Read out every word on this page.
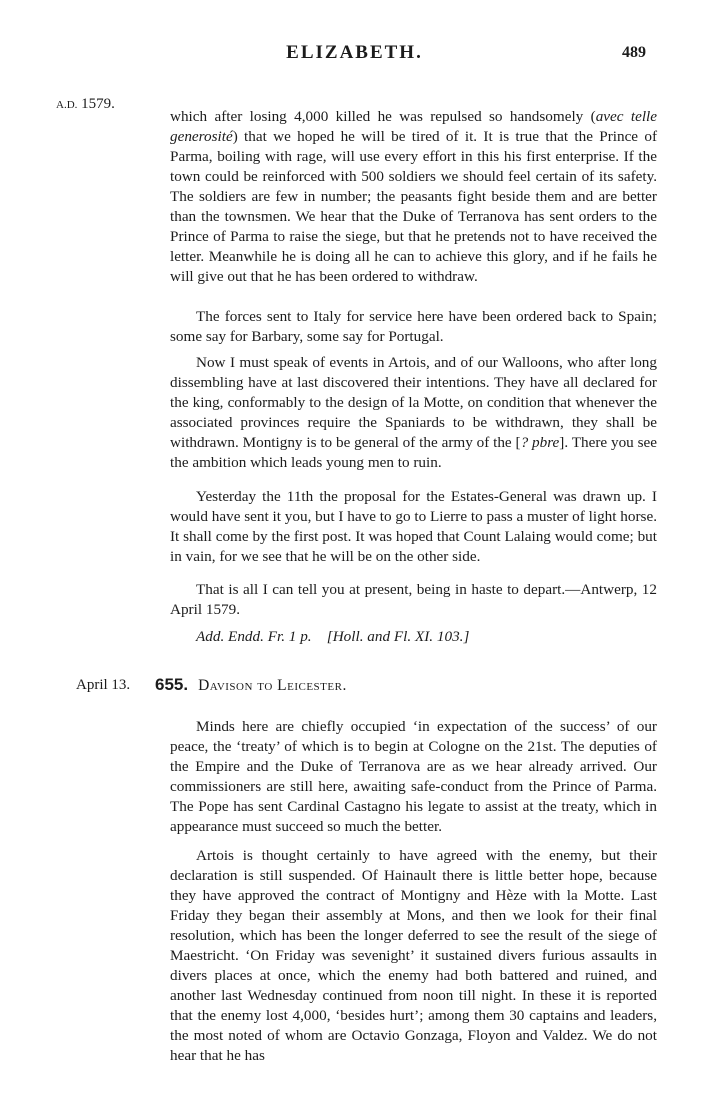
ELIZABETH.	489
A.D. 1579.

which after losing 4,000 killed he was repulsed so handsomely (avec telle generosité) that we hoped he will be tired of it. It is true that the Prince of Parma, boiling with rage, will use every effort in this his first enterprise. If the town could be reinforced with 500 soldiers we should feel certain of its safety. The soldiers are few in number; the peasants fight beside them and are better than the townsmen. We hear that the Duke of Terranova has sent orders to the Prince of Parma to raise the siege, but that he pretends not to have received the letter. Meanwhile he is doing all he can to achieve this glory, and if he fails he will give out that he has been ordered to withdraw.

The forces sent to Italy for service here have been ordered back to Spain; some say for Barbary, some say for Portugal.

Now I must speak of events in Artois, and of our Walloons, who after long dissembling have at last discovered their intentions. They have all declared for the king, conformably to the design of la Motte, on condition that whenever the associated provinces require the Spaniards to be withdrawn, they shall be withdrawn. Montigny is to be general of the army of the [? pbre]. There you see the ambition which leads young men to ruin.

Yesterday the 11th the proposal for the Estates-General was drawn up. I would have sent it you, but I have to go to Lierre to pass a muster of light horse. It shall come by the first post. It was hoped that Count Lalaing would come; but in vain, for we see that he will be on the other side.

That is all I can tell you at present, being in haste to depart.—Antwerp, 12 April 1579.

Add. Endd. Fr. 1 p. [Holl. and Fl. XI. 103.]

April 13. 655. Davison to Leicester.

Minds here are chiefly occupied ‘in expectation of the success’ of our peace, the ‘treaty’ of which is to begin at Cologne on the 21st. The deputies of the Empire and the Duke of Terranova are as we hear already arrived. Our commissioners are still here, awaiting safe-conduct from the Prince of Parma. The Pope has sent Cardinal Castagno his legate to assist at the treaty, which in appearance must succeed so much the better.

Artois is thought certainly to have agreed with the enemy, but their declaration is still suspended. Of Hainault there is little better hope, because they have approved the contract of Montigny and Hèze with la Motte. Last Friday they began their assembly at Mons, and then we look for their final resolution, which has been the longer deferred to see the result of the siege of Maestricht. ‘On Friday was sevenight’ it sustained divers furious assaults in divers places at once, which the enemy had both battered and ruined, and another last Wednesday continued from noon till night. In these it is reported that the enemy lost 4,000, ‘besides hurt’; among them 30 captains and leaders, the most noted of whom are Octavio Gonzaga, Floyon and Valdez. We do not hear that he has
